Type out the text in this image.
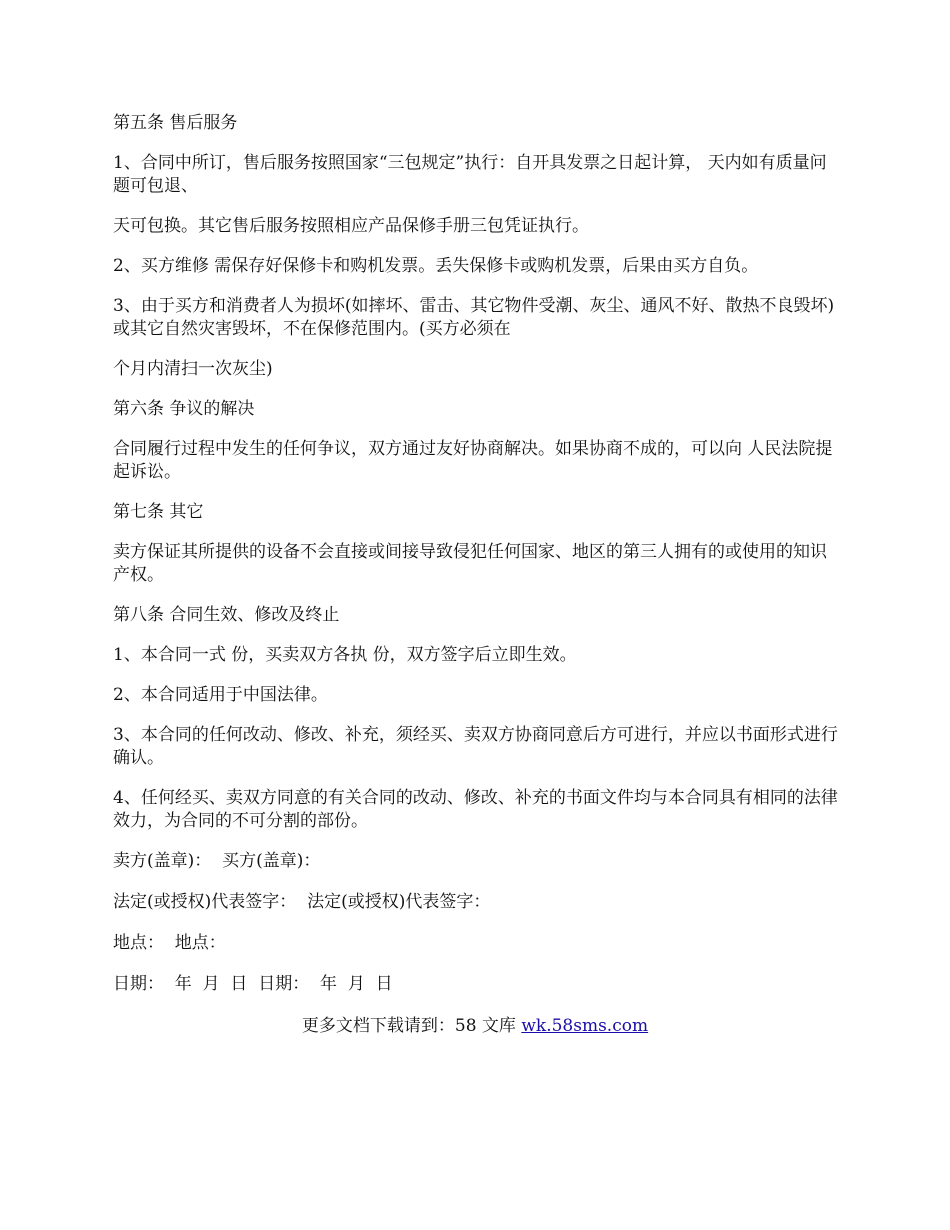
第五条 售后服务

1、合同中所订，售后服务按照国家“三包规定”执行：自开具发票之日起计算， 天内如有质量问题可包退、

天可包换。其它售后服务按照相应产品保修手册三包凭证执行。

2、买方维修 需保存好保修卡和购机发票。丢失保修卡或购机发票，后果由买方自负。

3、由于买方和消费者人为损坏(如摔坏、雷击、其它物件受潮、灰尘、通风不好、散热不良毁坏)或其它自然灾害毁坏，不在保修范围内。(买方必须在

个月内清扫一次灰尘)

第六条 争议的解决

合同履行过程中发生的任何争议，双方通过友好协商解决。如果协商不成的，可以向 人民法院提起诉讼。

第七条 其它

卖方保证其所提供的设备不会直接或间接导致侵犯任何国家、地区的第三人拥有的或使用的知识产权。

第八条 合同生效、修改及终止

1、本合同一式 份，买卖双方各执 份，双方签字后立即生效。

2、本合同适用于中国法律。

3、本合同的任何改动、修改、补充，须经买、卖双方协商同意后方可进行，并应以书面形式进行确认。

4、任何经买、卖双方同意的有关合同的改动、修改、补充的书面文件均与本合同具有相同的法律效力，为合同的不可分割的部份。

卖方(盖章)：  买方(盖章)：

法定(或授权)代表签字：  法定(或授权)代表签字：

地点：  地点：

日期：  年  月  日  日期：  年  月  日

更多文档下载请到：58 文库 wk.58sms.com
